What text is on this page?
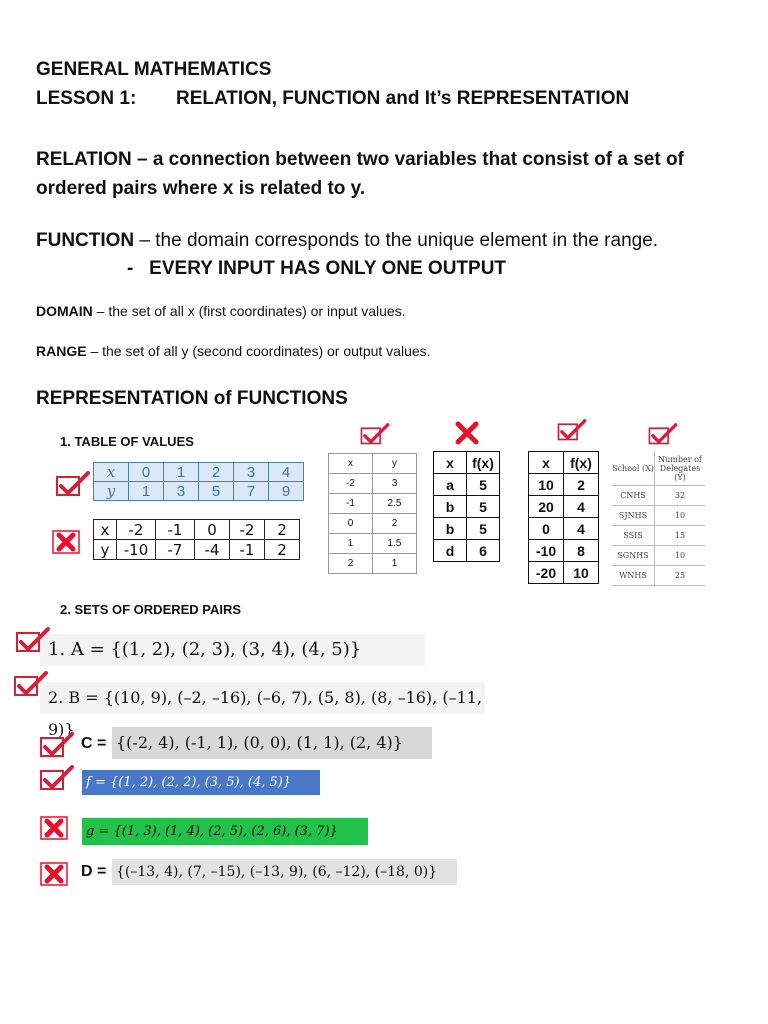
GENERAL MATHEMATICS
LESSON 1: RELATION, FUNCTION and It’s REPRESENTATION
RELATION – a connection between two variables that consist of a set of ordered pairs where x is related to y.
FUNCTION – the domain corresponds to the unique element in the range.
- EVERY INPUT HAS ONLY ONE OUTPUT
DOMAIN – the set of all x (first coordinates) or input values.
RANGE – the set of all y (second coordinates) or output values.
REPRESENTATION of FUNCTIONS
1. TABLE OF VALUES
x	0	1	2	3	4
y	1	3	5	7	9
x	-2	-1	0	-2	2
y	-10	-7	-4	-1	2
x	y
-2	3
-1	2.5
0	2
1	1.5
2	1
x	f(x)
a	5
b	5
b	5
d	6
x	f(x)
10	2
20	4
0	4
-10	8
-20	10
School (X)	Number of Delegates (Y)
CNHS	32
SJNHS	10
SSIS	15
SGNHS	10
WNHS	25
2. SETS OF ORDERED PAIRS
1. A = {(1, 2), (2, 3), (3, 4), (4, 5)}
2. B = {(10, 9), (–2, –16), (–6, 7), (5, 8), (8, –16), (–11, 9)}
C = {(-2, 4), (-1, 1), (0, 0), (1, 1), (2, 4)}
f = {(1, 2), (2, 2), (3, 5), (4, 5)}
g = {(1, 3), (1, 4), (2, 5), (2, 6), (3, 7)}
D = {(–13, 4), (7, –15), (–13, 9), (6, –12), (–18, 0)}
